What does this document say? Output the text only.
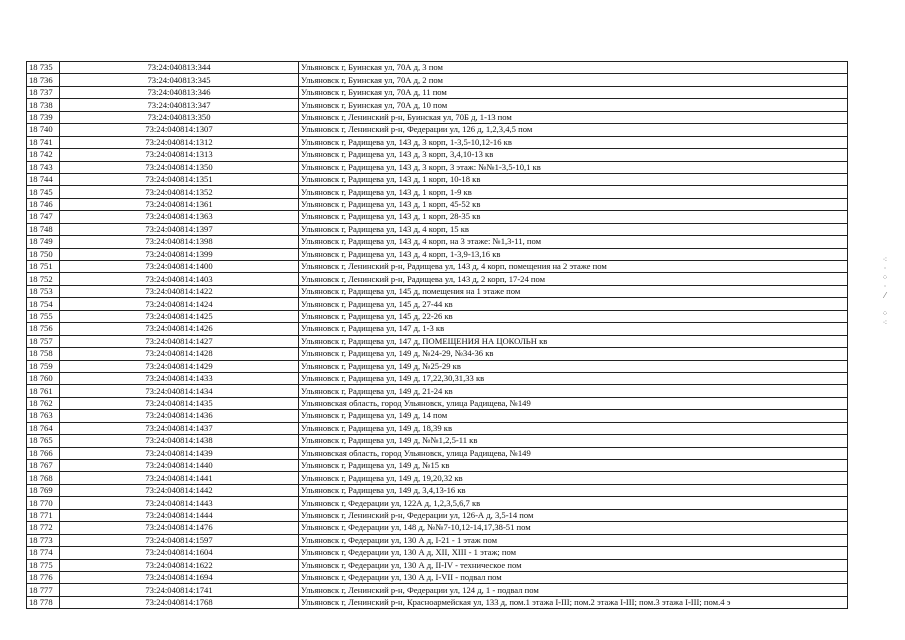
18 735	73:24:040813:344	Ульяновск г, Буинская ул, 70А д, 3 пом
18 736	73:24:040813:345	Ульяновск г, Буинская ул, 70А д, 2 пом
18 737	73:24:040813:346	Ульяновск г, Буинская ул, 70А д, 11 пом
18 738	73:24:040813:347	Ульяновск г, Буинская ул, 70А д, 10 пом
18 739	73:24:040813:350	Ульяновск г, Ленинский р-н, Буинская ул, 70Б д, 1-13 пом
18 740	73:24:040814:1307	Ульяновск г, Ленинский р-н, Федерации ул, 126 д, 1,2,3,4,5 пом
18 741	73:24:040814:1312	Ульяновск г, Радищева ул, 143 д, 3 корп, 1-3,5-10,12-16 кв
18 742	73:24:040814:1313	Ульяновск г, Радищева ул, 143 д, 3 корп, 3,4,10-13 кв
18 743	73:24:040814:1350	Ульяновск г, Радищева ул, 143 д, 3 корп, 3 этаж: №№1-3,5-10,1 кв
18 744	73:24:040814:1351	Ульяновск г, Радищева ул, 143 д, 1 корп, 10-18 кв
18 745	73:24:040814:1352	Ульяновск г, Радищева ул, 143 д, 1 корп, 1-9 кв
18 746	73:24:040814:1361	Ульяновск г, Радищева ул, 143 д, 1 корп, 45-52 кв
18 747	73:24:040814:1363	Ульяновск г, Радищева ул, 143 д, 1 корп, 28-35 кв
18 748	73:24:040814:1397	Ульяновск г, Радищева ул, 143 д, 4 корп, 15 кв
18 749	73:24:040814:1398	Ульяновск г, Радищева ул, 143 д, 4 корп, на 3 этаже: №1,3-11, пом
18 750	73:24:040814:1399	Ульяновск г, Радищева ул, 143 д, 4 корп, 1-3,9-13,16 кв
18 751	73:24:040814:1400	Ульяновск г, Ленинский р-н, Радищева ул, 143 д, 4 корп, помещения на 2 этаже пом
18 752	73:24:040814:1403	Ульяновск г, Ленинский р-н, Радищева ул, 143 д, 2 корп, 17-24 пом
18 753	73:24:040814:1422	Ульяновск г, Радищева ул, 145 д, помещения на 1 этаже пом
18 754	73:24:040814:1424	Ульяновск г, Радищева ул, 145 д, 27-44 кв
18 755	73:24:040814:1425	Ульяновск г, Радищева ул, 145 д, 22-26 кв
18 756	73:24:040814:1426	Ульяновск г, Радищева ул, 147 д, 1-3 кв
18 757	73:24:040814:1427	Ульяновск г, Радищева ул, 147 д, ПОМЕЩЕНИЯ НА ЦОКОЛЬН кв
18 758	73:24:040814:1428	Ульяновск г, Радищева ул, 149 д, №24-29, №34-36 кв
18 759	73:24:040814:1429	Ульяновск г, Радищева ул, 149 д, №25-29 кв
18 760	73:24:040814:1433	Ульяновск г, Радищева ул, 149 д, 17,22,30,31,33 кв
18 761	73:24:040814:1434	Ульяновск г, Радищева ул, 149 д, 21-24 кв
18 762	73:24:040814:1435	Ульяновская область, город Ульяновск, улица Радищева, №149
18 763	73:24:040814:1436	Ульяновск г, Радищева ул, 149 д, 14 пом
18 764	73:24:040814:1437	Ульяновск г, Радищева ул, 149 д, 18,39 кв
18 765	73:24:040814:1438	Ульяновск г, Радищева ул, 149 д, №№1,2,5-11 кв
18 766	73:24:040814:1439	Ульяновская область, город Ульяновск, улица Радищева, №149
18 767	73:24:040814:1440	Ульяновск г, Радищева ул, 149 д, №15 кв
18 768	73:24:040814:1441	Ульяновск г, Радищева ул, 149 д, 19,20,32 кв
18 769	73:24:040814:1442	Ульяновск г, Радищева ул, 149 д, 3,4,13-16 кв
18 770	73:24:040814:1443	Ульяновск г, Федерации ул, 122А д, 1,2,3,5,6,7 кв
18 771	73:24:040814:1444	Ульяновск г, Ленинский р-н, Федерации ул, 126-А д, 3,5-14 пом
18 772	73:24:040814:1476	Ульяновск г, Федерации ул, 148 д, №№7-10,12-14,17,38-51 пом
18 773	73:24:040814:1597	Ульяновск г, Федерации ул, 130 А д, I-21 - 1 этаж пом
18 774	73:24:040814:1604	Ульяновск г, Федерации ул, 130 А д, XII, XIII - 1 этаж; пом
18 775	73:24:040814:1622	Ульяновск г, Федерации ул, 130 А д, II-IV - техническое пом
18 776	73:24:040814:1694	Ульяновск г, Федерации ул, 130 А д, I-VII - подвал пом
18 777	73:24:040814:1741	Ульяновск г, Ленинский р-н, Федерации ул, 124 д, 1 - подвал пом
18 778	73:24:040814:1768	Ульяновск г, Ленинский р-н, Красноармейская ул, 133 д, пом.1 этажа I-III; пом.2 этажа I-III; пом.3 этажа I-III; пом.4 э
⁖
·
⁘
·
⁄

⁘
⁖
